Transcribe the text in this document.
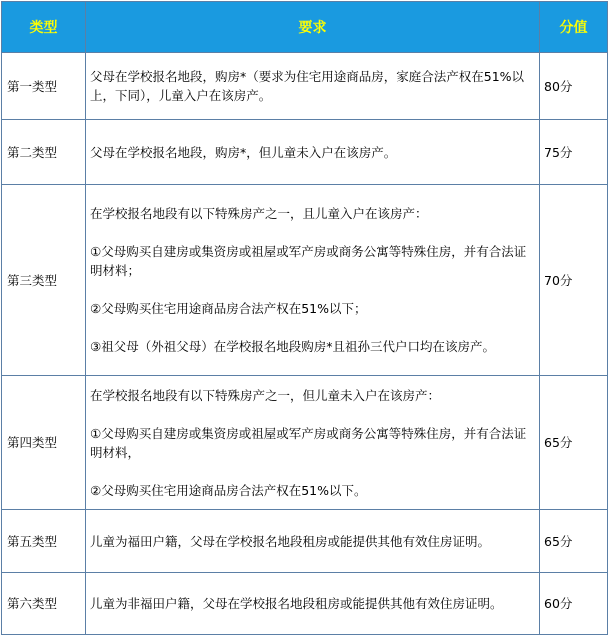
类型	要求	分值
第一类型	父母在学校报名地段，购房*（要求为住宅用途商品房，家庭合法产权在51%以上，下同），儿童入户在该房产。	80分
第二类型	父母在学校报名地段，购房*，但儿童未入户在该房产。	75分
第三类型	在学校报名地段有以下特殊房产之一，且儿童入户在该房产：

①父母购买自建房或集资房或祖屋或军产房或商务公寓等特殊住房，并有合法证明材料；

②父母购买住宅用途商品房合法产权在51%以下；

③祖父母（外祖父母）在学校报名地段购房*且祖孙三代户口均在该房产。	70分
第四类型	在学校报名地段有以下特殊房产之一，但儿童未入户在该房产：

①父母购买自建房或集资房或祖屋或军产房或商务公寓等特殊住房，并有合法证明材料，

②父母购买住宅用途商品房合法产权在51%以下。	65分
第五类型	儿童为福田户籍，父母在学校报名地段租房或能提供其他有效住房证明。	65分
第六类型	儿童为非福田户籍，父母在学校报名地段租房或能提供其他有效住房证明。	60分
